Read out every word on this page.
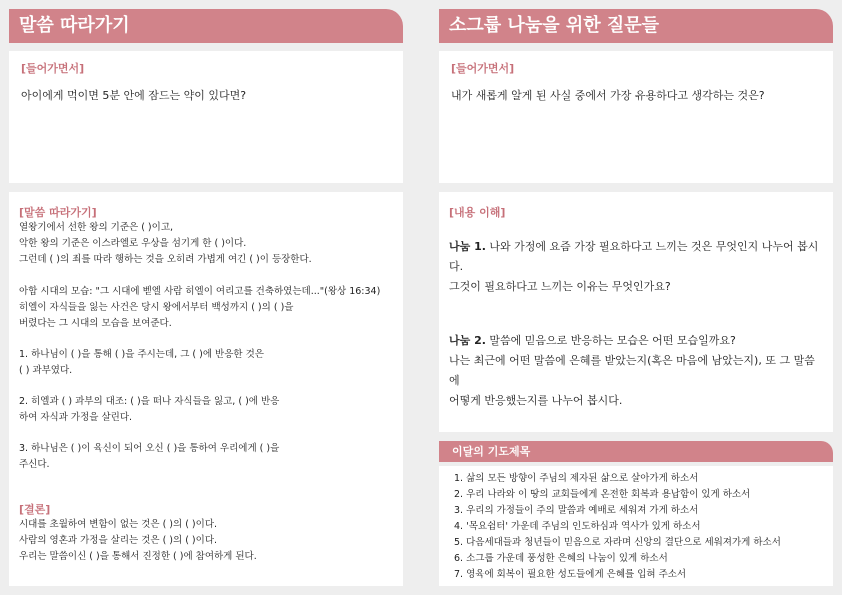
말씀 따라가기
[들어가면서]
아이에게 먹이면 5분 안에 잠드는 약이 있다면?
[말씀 따라가기]
열왕기에서 선한 왕의 기준은 ( )이고,
악한 왕의 기준은 이스라엘로 우상을 섬기게 한 ( )이다.
그런데 ( )의 죄를 따라 행하는 것을 오히려 가볍게 여긴 ( )이 등장한다.
아합 시대의 모습: "그 시대에 벧엘 사람 히엘이 여리고를 건축하였는데..."(왕상 16:34)
히엘이 자식들을 잃는 사건은 당시 왕에서부터 백성까지 ( )의 ( )을
버렸다는 그 시대의 모습을 보여준다.
1. 하나님이 ( )을 통해 ( )을 주시는데, 그 ( )에 반응한 것은
( ) 과부였다.
2. 히엘과 ( ) 과부의 대조: ( )을 떠나 자식들을 잃고, ( )에 반응
하여 자식과 가정을 살린다.
3. 하나님은 ( )이 육신이 되어 오신 ( )을 통하여 우리에게 ( )을
주신다.
[결론]
시대를 초월하여 변함이 없는 것은 ( )의 ( )이다.
사람의 영혼과 가정을 살리는 것은 ( )의 ( )이다.
우리는 말씀이신 ( )을 통해서 진정한 ( )에 참여하게 된다.
소그룹 나눔을 위한 질문들
[들어가면서]
내가 새롭게 알게 된 사실 중에서 가장 유용하다고 생각하는 것은?
[내용 이해]
나눔 1. 나와 가정에 요즘 가장 필요하다고 느끼는 것은 무엇인지 나누어 봅시다.
그것이 필요하다고 느끼는 이유는 무엇인가요?
나눔 2. 말씀에 믿음으로 반응하는 모습은 어떤 모습일까요?
나는 최근에 어떤 말씀에 은혜를 받았는지(혹은 마음에 남았는지), 또 그 말씀에
어떻게 반응했는지를 나누어 봅시다.
이달의 기도제목
1. 삶의 모든 방향이 주님의 제자된 삶으로 살아가게 하소서
2. 우리 나라와 이 땅의 교회들에게 온전한 회복과 용납함이 있게 하소서
3. 우리의 가정들이 주의 말씀과 예배로 세워져 가게 하소서
4. '목요쉼터' 가운데 주님의 인도하심과 역사가 있게 하소서
5. 다음세대들과 청년들이 믿음으로 자라며 신앙의 결단으로 세워져가게 하소서
6. 소그룹 가운데 풍성한 은혜의 나눔이 있게 하소서
7. 영육에 회복이 필요한 성도들에게 은혜를 입혀 주소서
